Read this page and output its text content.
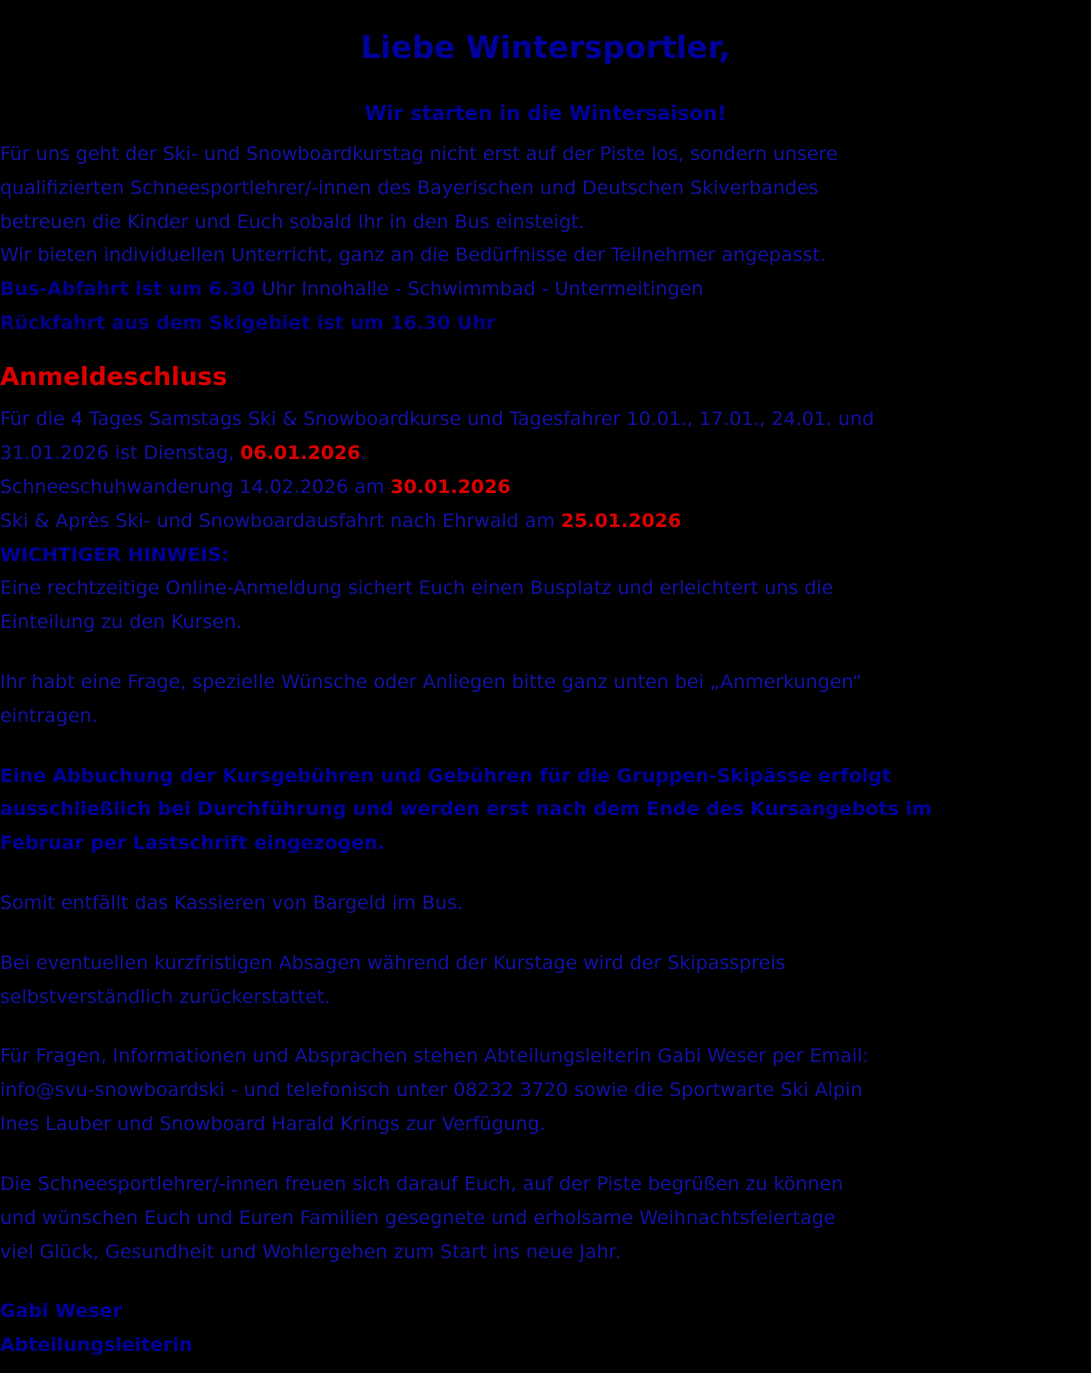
Liebe Wintersportler,
Wir starten in die Wintersaison!
Für uns geht der Ski- und Snowboardkurstag nicht erst auf der Piste los, sondern unsere
qualifizierten Schneesportlehrer/-innen des Bayerischen und Deutschen Skiverbandes
betreuen die Kinder und Euch sobald Ihr in den Bus einsteigt.
Wir bieten individuellen Unterricht, ganz an die Bedürfnisse der Teilnehmer angepasst.
Bus-Abfahrt ist um 6.30 Uhr Innohalle - Schwimmbad - Untermeitingen
Rückfahrt aus dem Skigebiet ist um 16.30 Uhr
Anmeldeschluss
Für die 4 Tages Samstags Ski & Snowboardkurse und Tagesfahrer 10.01., 17.01., 24.01. und
31.01.2026 ist Dienstag, 06.01.2026.
Schneeschuhwanderung 14.02.2026 am 30.01.2026
Ski & Après Ski- und Snowboardausfahrt nach Ehrwald am 25.01.2026
WICHTIGER HINWEIS:
Eine rechtzeitige Online-Anmeldung sichert Euch einen Busplatz und erleichtert uns die
Einteilung zu den Kursen.
Ihr habt eine Frage, spezielle Wünsche oder Anliegen bitte ganz unten bei „Anmerkungen“
eintragen.
Eine Abbuchung der Kursgebühren und Gebühren für die Gruppen-Skipässe erfolgt
ausschließlich bei Durchführung und werden erst nach dem Ende des Kursangebots im
Februar per Lastschrift eingezogen.
Somit entfällt das Kassieren von Bargeld im Bus.
Bei eventuellen kurzfristigen Absagen während der Kurstage wird der Skipasspreis
selbstverständlich zurückerstattet.
Für Fragen, Informationen und Absprachen stehen Abteilungsleiterin Gabi Weser per Email:
info@svu-snowboardski - und telefonisch unter 08232 3720 sowie die Sportwarte Ski Alpin
Ines Lauber und Snowboard Harald Krings zur Verfügung.
Die Schneesportlehrer/-innen freuen sich darauf Euch, auf der Piste begrüßen zu können
und wünschen Euch und Euren Familien gesegnete und erholsame Weihnachtsfeiertage
viel Glück, Gesundheit und Wohlergehen zum Start ins neue Jahr.
Gabi Weser
Abteilungsleiterin
